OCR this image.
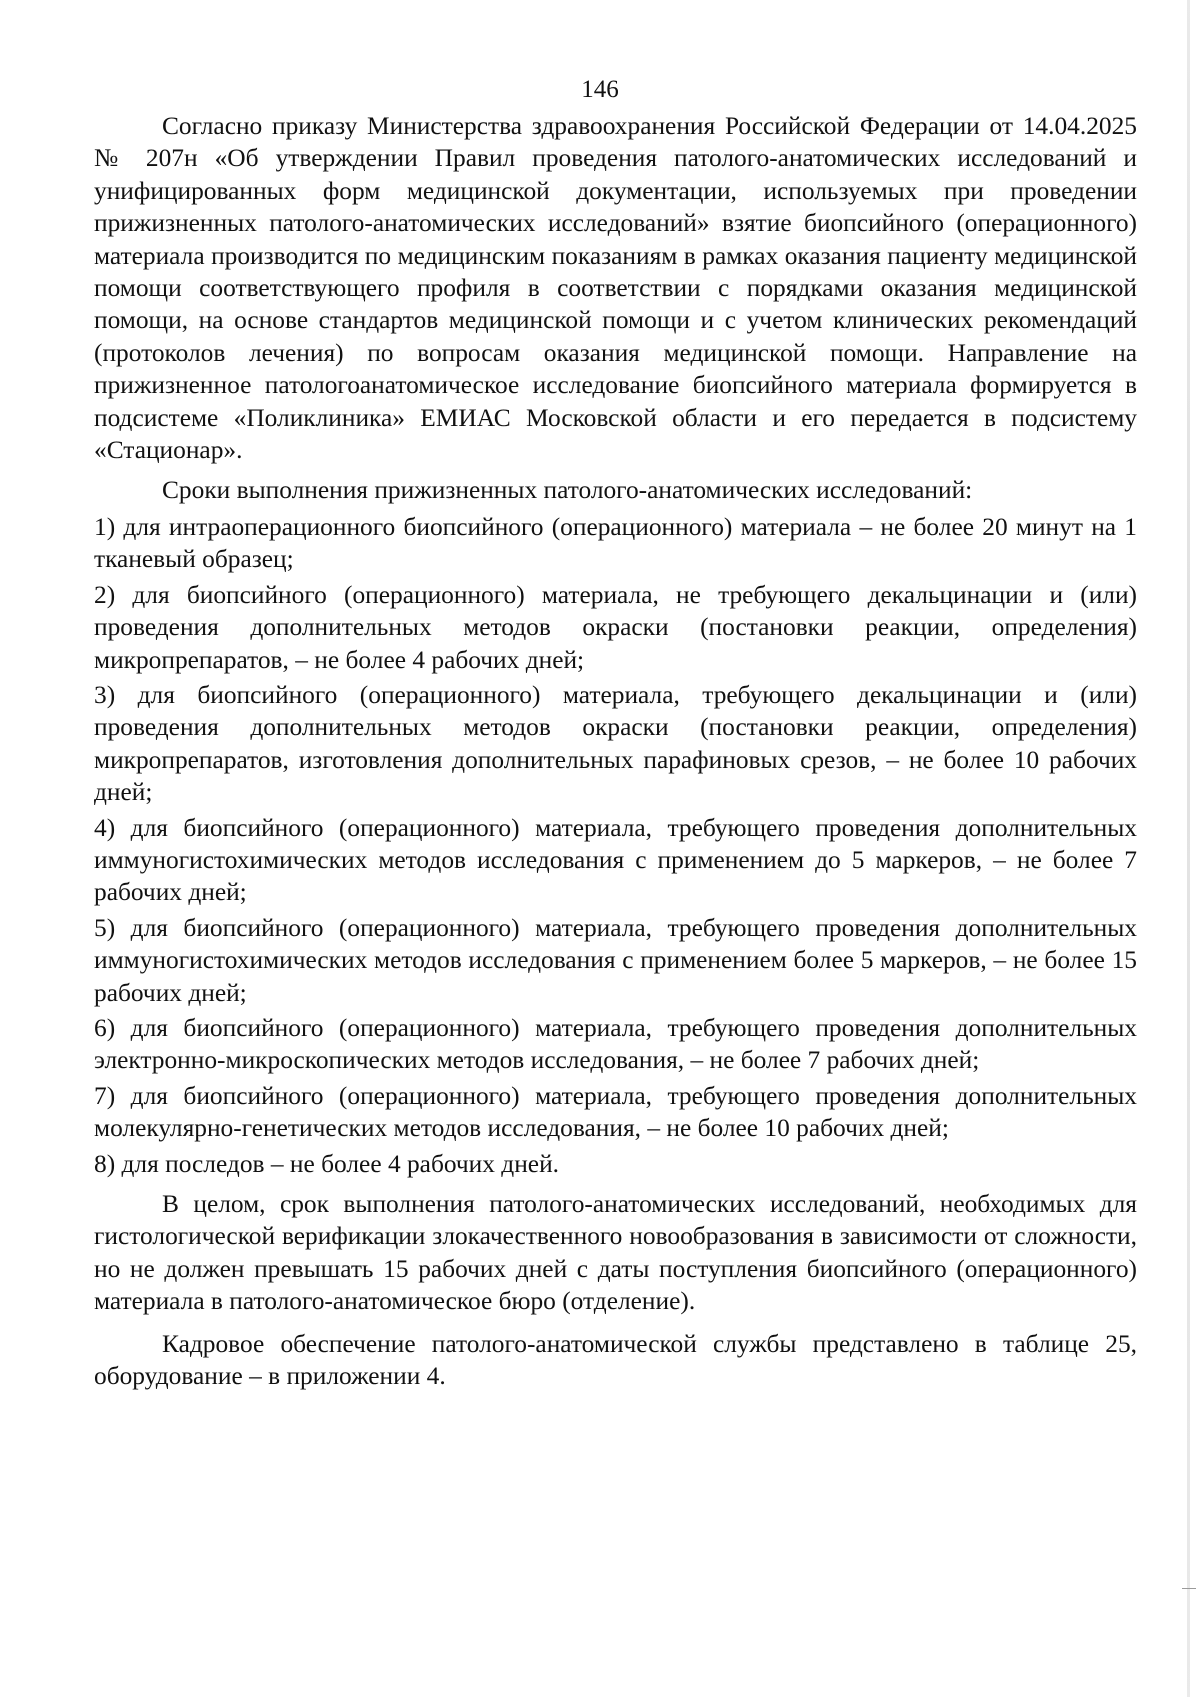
146

Согласно приказу Министерства здравоохранения Российской Федерации от 14.04.2025 № 207н «Об утверждении Правил проведения патолого-анатомических исследований и унифицированных форм медицинской документации, используемых при проведении прижизненных патолого-анатомических исследований» взятие биопсийного (операционного) материала производится по медицинским показаниям в рамках оказания пациенту медицинской помощи соответствующего профиля в соответствии с порядками оказания медицинской помощи, на основе стандартов медицинской помощи и с учетом клинических рекомендаций (протоколов лечения) по вопросам оказания медицинской помощи. Направление на прижизненное патологоанатомическое исследование биопсийного материала формируется в подсистеме «Поликлиника» ЕМИАС Московской области и его передается в подсистему «Стационар».

Сроки выполнения прижизненных патолого-анатомических исследований:

1) для интраоперационного биопсийного (операционного) материала – не более 20 минут на 1 тканевый образец;
2) для биопсийного (операционного) материала, не требующего декальцинации и (или) проведения дополнительных методов окраски (постановки реакции, определения) микропрепаратов, – не более 4 рабочих дней;
3) для биопсийного (операционного) материала, требующего декальцинации и (или) проведения дополнительных методов окраски (постановки реакции, определения) микропрепаратов, изготовления дополнительных парафиновых срезов, – не более 10 рабочих дней;
4) для биопсийного (операционного) материала, требующего проведения дополнительных иммуногистохимических методов исследования с применением до 5 маркеров, – не более 7 рабочих дней;
5) для биопсийного (операционного) материала, требующего проведения дополнительных иммуногистохимических методов исследования с применением более 5 маркеров, – не более 15 рабочих дней;
6) для биопсийного (операционного) материала, требующего проведения дополнительных электронно-микроскопических методов исследования, – не более 7 рабочих дней;
7) для биопсийного (операционного) материала, требующего проведения дополнительных молекулярно-генетических методов исследования, – не более 10 рабочих дней;
8) для последов – не более 4 рабочих дней.

В целом, срок выполнения патолого-анатомических исследований, необходимых для гистологической верификации злокачественного новообразования в зависимости от сложности, но не должен превышать 15 рабочих дней с даты поступления биопсийного (операционного) материала в патолого-анатомическое бюро (отделение).

Кадровое обеспечение патолого-анатомической службы представлено в таблице 25, оборудование – в приложении 4.
